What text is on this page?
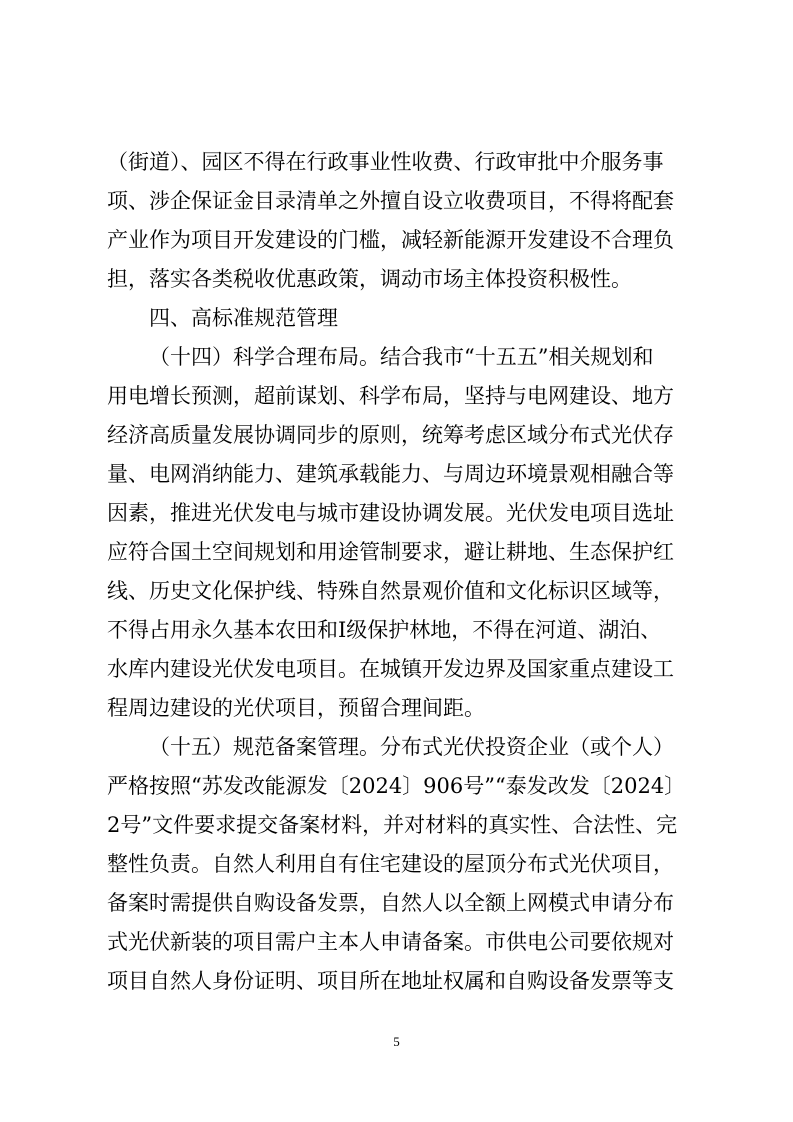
（街道）、园区不得在行政事业性收费、行政审批中介服务事
项、涉企保证金目录清单之外擅自设立收费项目，不得将配套
产业作为项目开发建设的门槛，减轻新能源开发建设不合理负
担，落实各类税收优惠政策，调动市场主体投资积极性。
四、高标准规范管理
（十四）科学合理布局。结合我市“十五五”相关规划和
用电增长预测，超前谋划、科学布局，坚持与电网建设、地方
经济高质量发展协调同步的原则，统筹考虑区域分布式光伏存
量、电网消纳能力、建筑承载能力、与周边环境景观相融合等
因素，推进光伏发电与城市建设协调发展。光伏发电项目选址
应符合国土空间规划和用途管制要求，避让耕地、生态保护红
线、历史文化保护线、特殊自然景观价值和文化标识区域等，
不得占用永久基本农田和Ⅰ级保护林地，不得在河道、湖泊、
水库内建设光伏发电项目。在城镇开发边界及国家重点建设工
程周边建设的光伏项目，预留合理间距。
（十五）规范备案管理。分布式光伏投资企业（或个人）
严格按照“苏发改能源发〔2024〕906号”“泰发改发〔2024〕
2号”文件要求提交备案材料，并对材料的真实性、合法性、完
整性负责。自然人利用自有住宅建设的屋顶分布式光伏项目，
备案时需提供自购设备发票，自然人以全额上网模式申请分布
式光伏新装的项目需户主本人申请备案。市供电公司要依规对
项目自然人身份证明、项目所在地址权属和自购设备发票等支
5
